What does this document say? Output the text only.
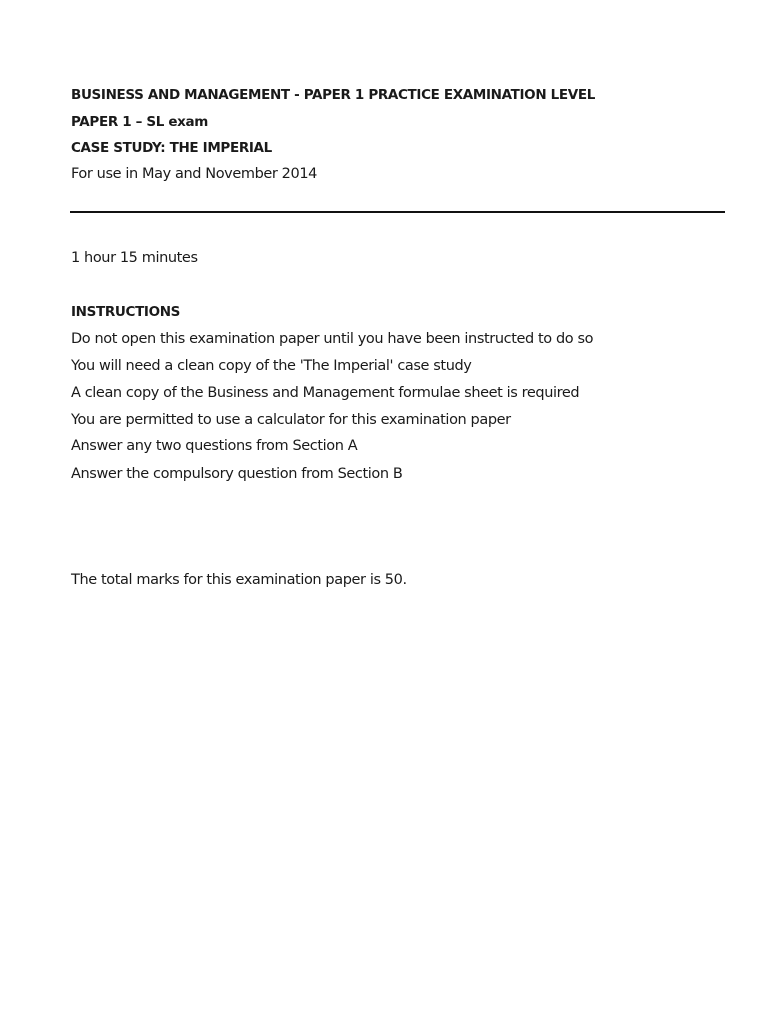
BUSINESS AND MANAGEMENT - PAPER 1 PRACTICE EXAMINATION LEVEL

PAPER 1 – SL exam

CASE STUDY: THE IMPERIAL

For use in May and November 2014

1 hour 15 minutes

INSTRUCTIONS

Do not open this examination paper until you have been instructed to do so

You will need a clean copy of the 'The Imperial' case study

A clean copy of the Business and Management formulae sheet is required

You are permitted to use a calculator for this examination paper

Answer any two questions from Section A

Answer the compulsory question from Section B

The total marks for this examination paper is 50.
